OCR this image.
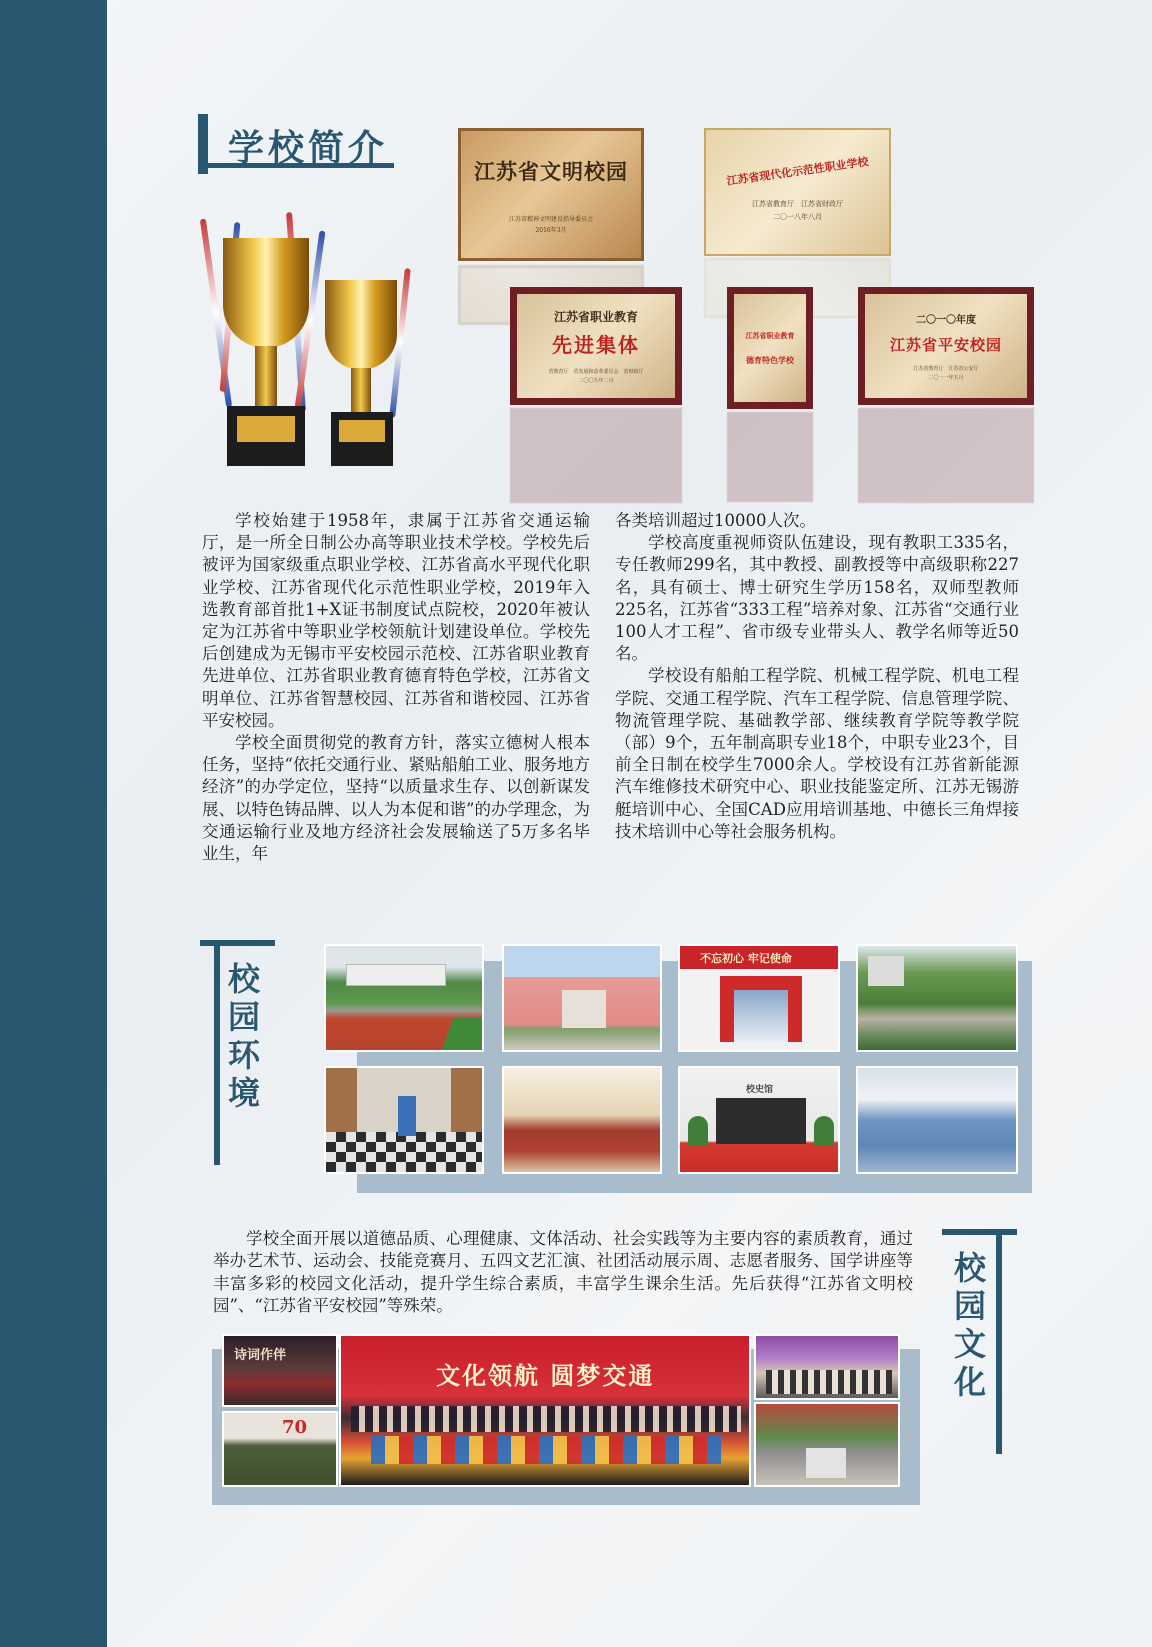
学校简介
江苏省文明校园
江苏省精神文明建设指导委员会
2016年3月
江苏省现代化示范性职业学校
江苏省教育厅　江苏省财政厅
二〇一八年八月
江苏省职业教育
先进集体
省教育厅　省发展和改革委员会　省财政厅
二〇〇九年二月
江苏省职业教育
德育特色学校
二〇一〇年度
江苏省平安校园
江苏省教育厅　江苏省公安厅
二〇一一年五月

学校始建于1958年，隶属于江苏省交通运输厅，是一所全日制公办高等职业技术学校。学校先后被评为国家级重点职业学校、江苏省高水平现代化职业学校、江苏省现代化示范性职业学校，2019年入选教育部首批1+X证书制度试点院校，2020年被认定为江苏省中等职业学校领航计划建设单位。学校先后创建成为无锡市平安校园示范校、江苏省职业教育先进单位、江苏省职业教育德育特色学校，江苏省文明单位、江苏省智慧校园、江苏省和谐校园、江苏省平安校园。

学校全面贯彻党的教育方针，落实立德树人根本任务，坚持“依托交通行业、紧贴船舶工业、服务地方经济”的办学定位，坚持“以质量求生存、以创新谋发展、以特色铸品牌、以人为本促和谐”的办学理念，为交通运输行业及地方经济社会发展输送了5万多名毕业生，年

各类培训超过10000人次。

学校高度重视师资队伍建设，现有教职工335名，专任教师299名，其中教授、副教授等中高级职称227名，具有硕士、博士研究生学历158名，双师型教师225名，江苏省“333工程”培养对象、江苏省“交通行业100人才工程”、省市级专业带头人、教学名师等近50名。

学校设有船舶工程学院、机械工程学院、机电工程学院、交通工程学院、汽车工程学院、信息管理学院、物流管理学院、基础教学部、继续教育学院等教学院（部）9个，五年制高职专业18个，中职专业23个，目前全日制在校学生7000余人。学校设有江苏省新能源汽车维修技术研究中心、职业技能鉴定所、江苏无锡游艇培训中心、全国CAD应用培训基地、中德长三角焊接技术培训中心等社会服务机构。

校
园
环
境
不忘初心 牢记使命
校史馆

学校全面开展以道德品质、心理健康、文体活动、社会实践等为主要内容的素质教育，通过举办艺术节、运动会、技能竞赛月、五四文艺汇演、社团活动展示周、志愿者服务、国学讲座等丰富多彩的校园文化活动，提升学生综合素质，丰富学生课余生活。先后获得“江苏省文明校园”、“江苏省平安校园”等殊荣。

校
园
文
化
诗词作伴
70
文化领航 圆梦交通
